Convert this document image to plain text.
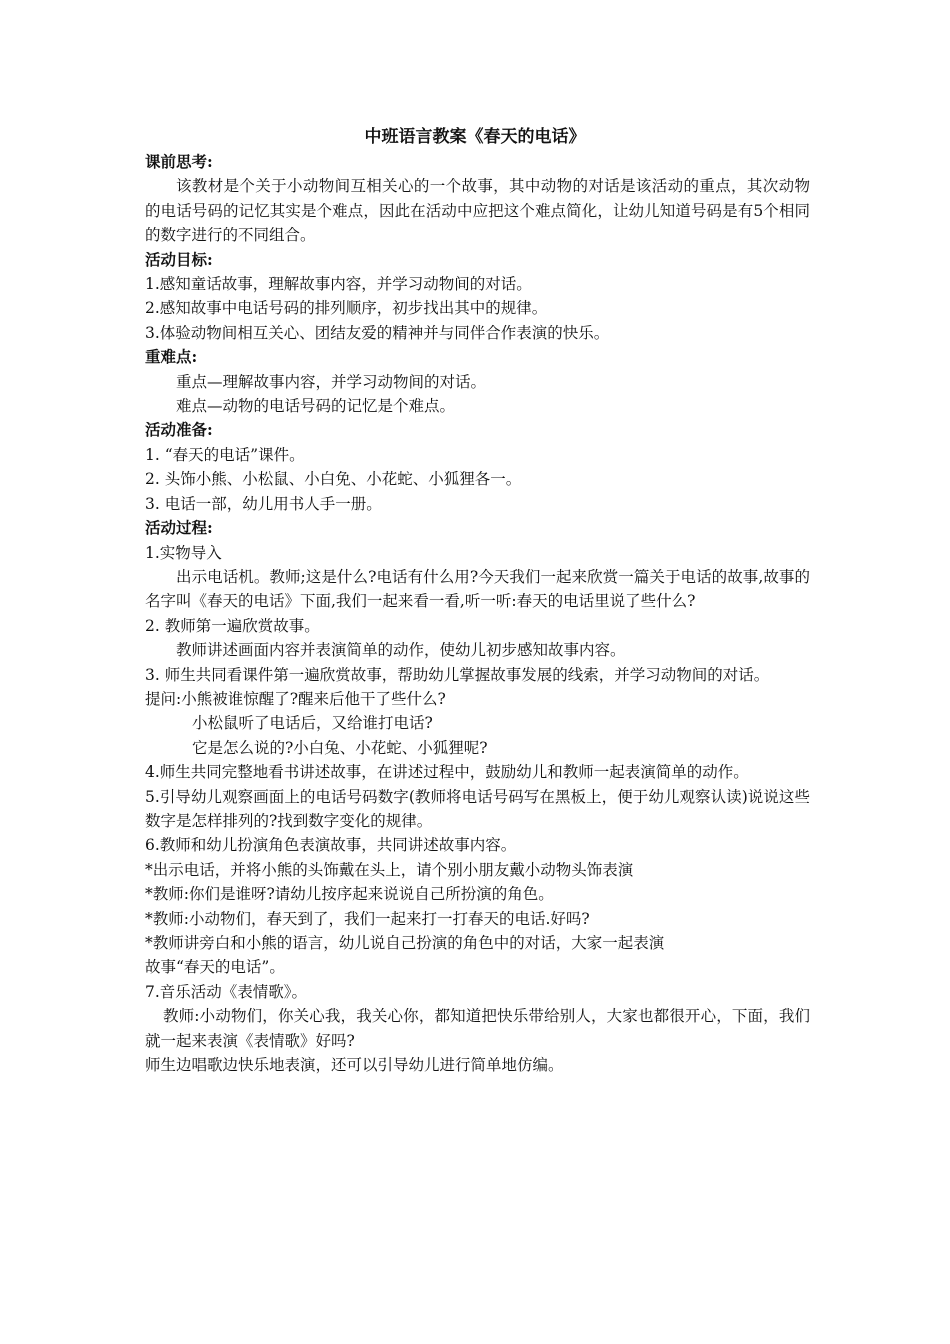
中班语言教案《春天的电话》

课前思考:

该教材是个关于小动物间互相关心的一个故事，其中动物的对话是该活动的重点，其次动物的电话号码的记忆其实是个难点，因此在活动中应把这个难点简化，让幼儿知道号码是有5个相同的数字进行的不同组合。

活动目标:

1.感知童话故事，理解故事内容，并学习动物间的对话。

2.感知故事中电话号码的排列顺序，初步找出其中的规律。

3.体验动物间相互关心、团结友爱的精神并与同伴合作表演的快乐。

重难点:

重点—理解故事内容，并学习动物间的对话。

难点—动物的电话号码的记忆是个难点。

活动准备:

1. “春天的电话”课件。

2. 头饰小熊、小松鼠、小白免、小花蛇、小狐狸各一。

3. 电话一部，幼儿用书人手一册。

活动过程:

1.实物导入

出示电话机。教师;这是什么?电话有什么用?今天我们一起来欣赏一篇关于电话的故事,故事的名字叫《春天的电话》下面,我们一起来看一看,听一听:春天的电话里说了些什么?

2. 教师第一遍欣赏故事。

教师讲述画面内容并表演简单的动作，使幼儿初步感知故事内容。

3. 师生共同看课件第一遍欣赏故事，帮助幼儿掌握故事发展的线索，并学习动物间的对话。

提问:小熊被谁惊醒了?醒来后他干了些什么?

小松鼠听了电话后，又给谁打电话?

它是怎么说的?小白兔、小花蛇、小狐狸呢?

4.师生共同完整地看书讲述故事，在讲述过程中，鼓励幼儿和教师一起表演简单的动作。

5.引导幼儿观察画面上的电话号码数字(教师将电话号码写在黑板上，便于幼儿观察认读)说说这些数字是怎样排列的?找到数字变化的规律。

6.教师和幼儿扮演角色表演故事，共同讲述故事内容。

*出示电话，并将小熊的头饰戴在头上，请个别小朋友戴小动物头饰表演

*教师:你们是谁呀?请幼儿按序起来说说自己所扮演的角色。

*教师:小动物们，春天到了，我们一起来打一打春天的电话.好吗?

*教师讲旁白和小熊的语言，幼儿说自己扮演的角色中的对话，大家一起表演

故事“春天的电话”。

7.音乐活动《表情歌》。

教师:小动物们，你关心我，我关心你，都知道把快乐带给别人，大家也都很开心，下面，我们就一起来表演《表情歌》好吗?

师生边唱歌边快乐地表演，还可以引导幼儿进行简单地仿编。
